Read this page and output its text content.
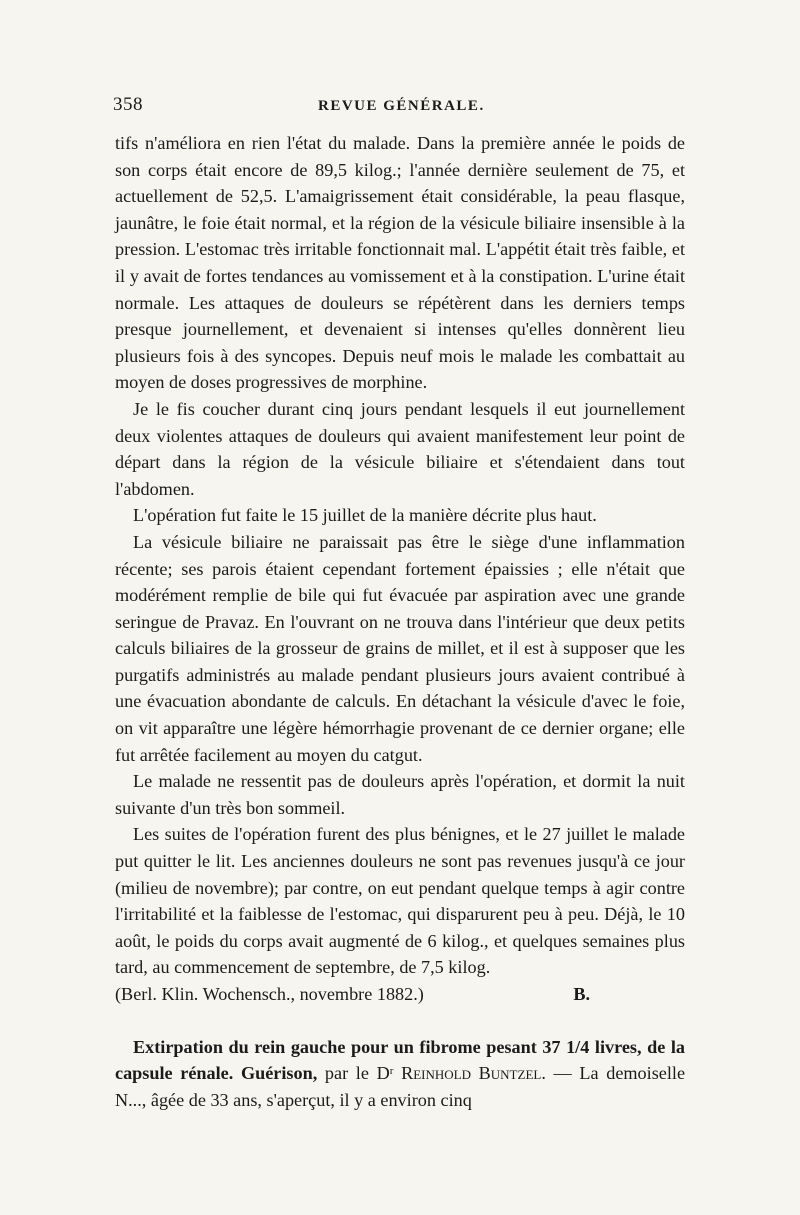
358	REVUE GÉNÉRALE.

tifs n'améliora en rien l'état du malade. Dans la première année le poids de son corps était encore de 89,5 kilog.; l'année dernière seulement de 75, et actuellement de 52,5. L'amaigrissement était considérable, la peau flasque, jaunâtre, le foie était normal, et la région de la vésicule biliaire insensible à la pression. L'estomac très irritable fonctionnait mal. L'appétit était très faible, et il y avait de fortes tendances au vomissement et à la constipation. L'urine était normale. Les attaques de douleurs se répétèrent dans les derniers temps presque journellement, et devenaient si intenses qu'elles donnèrent lieu plusieurs fois à des syncopes. Depuis neuf mois le malade les combattait au moyen de doses progressives de morphine.

Je le fis coucher durant cinq jours pendant lesquels il eut journellement deux violentes attaques de douleurs qui avaient manifestement leur point de départ dans la région de la vésicule biliaire et s'étendaient dans tout l'abdomen.

L'opération fut faite le 15 juillet de la manière décrite plus haut.

La vésicule biliaire ne paraissait pas être le siège d'une inflammation récente; ses parois étaient cependant fortement épaissies ; elle n'était que modérément remplie de bile qui fut évacuée par aspiration avec une grande seringue de Pravaz. En l'ouvrant on ne trouva dans l'intérieur que deux petits calculs biliaires de la grosseur de grains de millet, et il est à supposer que les purgatifs administrés au malade pendant plusieurs jours avaient contribué à une évacuation abondante de calculs. En détachant la vésicule d'avec le foie, on vit apparaître une légère hémorrhagie provenant de ce dernier organe; elle fut arrêtée facilement au moyen du catgut.

Le malade ne ressentit pas de douleurs après l'opération, et dormit la nuit suivante d'un très bon sommeil.

Les suites de l'opération furent des plus bénignes, et le 27 juillet le malade put quitter le lit. Les anciennes douleurs ne sont pas revenues jusqu'à ce jour (milieu de novembre); par contre, on eut pendant quelque temps à agir contre l'irritabilité et la faiblesse de l'estomac, qui disparurent peu à peu. Déjà, le 10 août, le poids du corps avait augmenté de 6 kilog., et quelques semaines plus tard, au commencement de septembre, de 7,5 kilog.

(Berl. Klin. Wochensch., novembre 1882.)	B.

Extirpation du rein gauche pour un fibrome pesant 37 1/4 livres, de la capsule rénale. Guérison, par le $D^r$ Reinhold Buntzel. — La demoiselle N..., âgée de 33 ans, s'aperçut, il y a environ cinq
